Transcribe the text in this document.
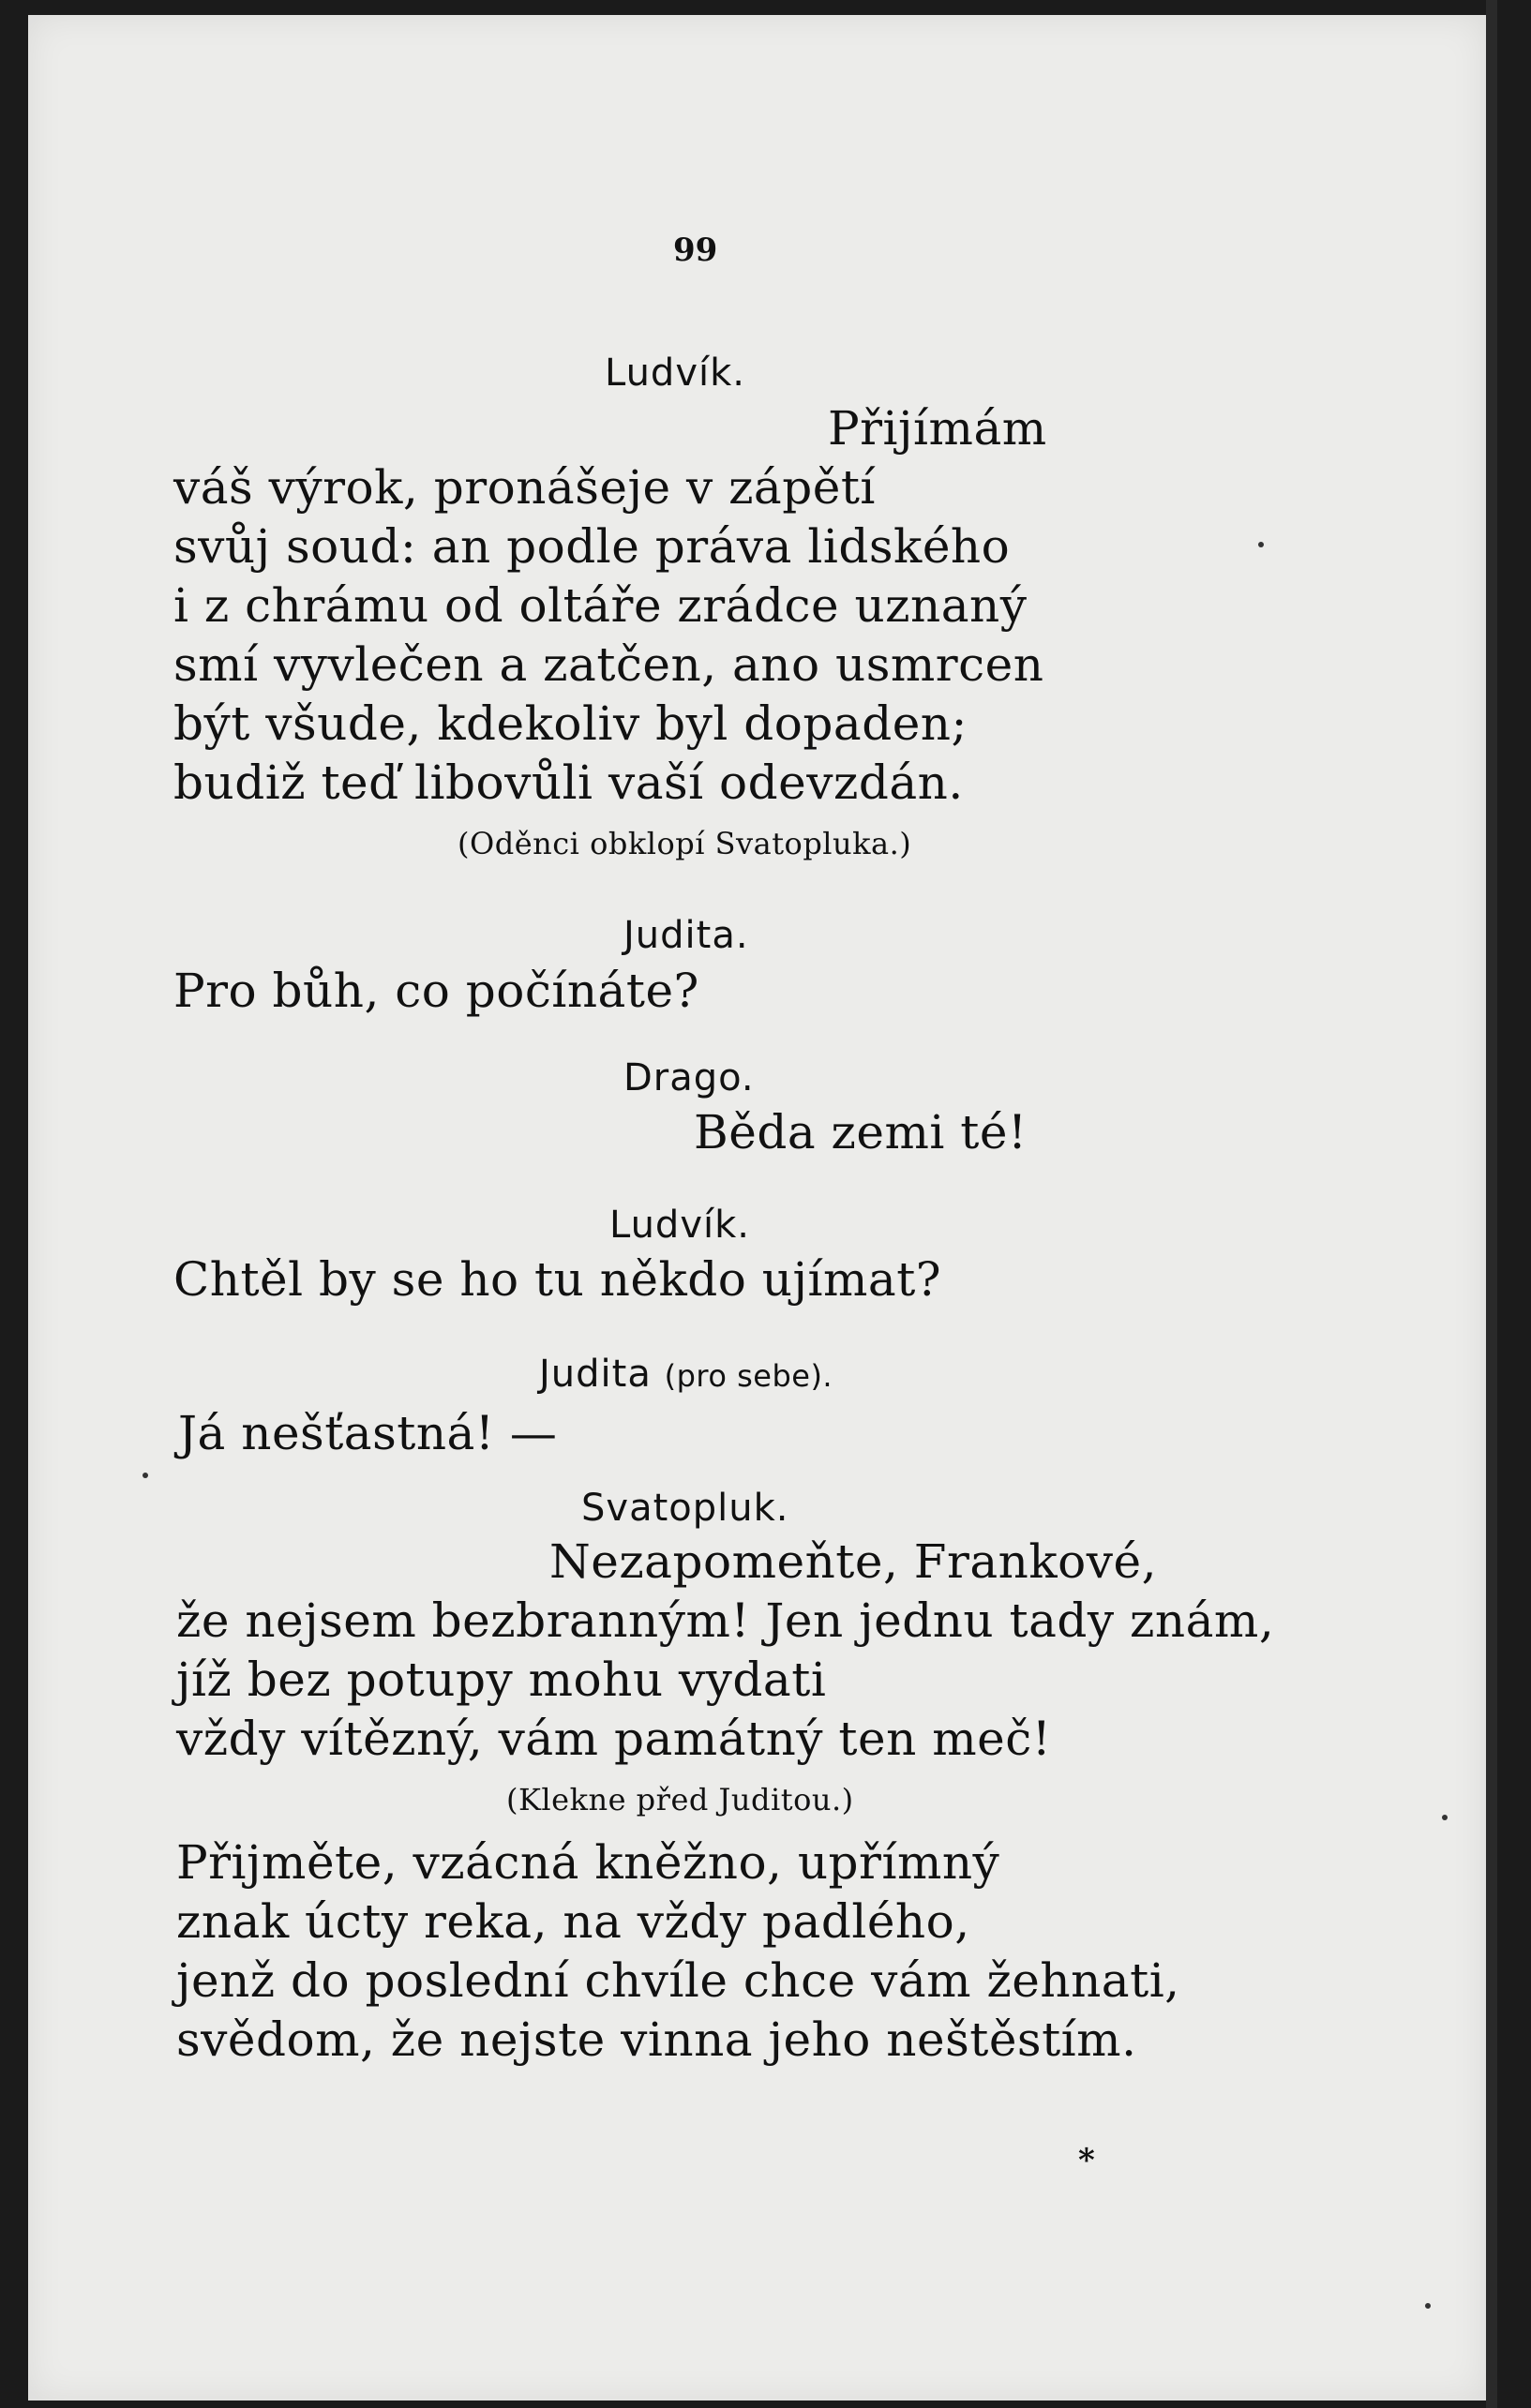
99
Ludvík.
Přijímám
váš výrok, pronášeje v zápětí
svůj soud: an podle práva lidského
i z chrámu od oltáře zrádce uznaný
smí vyvlečen a zatčen, ano usmrcen
být všude, kdekoliv byl dopaden;
budiž teď libovůli vaší odevzdán.
(Oděnci obklopí Svatopluka.)
Judita.
Pro bůh, co počínáte?
Drago.
Běda zemi té!
Ludvík.
Chtěl by se ho tu někdo ujímat?
Judita (pro sebe).
Já nešťastná! —
Svatopluk.
Nezapomeňte, Frankové,
že nejsem bezbranným! Jen jednu tady znám,
jíž bez potupy mohu vydati
vždy vítězný, vám památný ten meč!
(Klekne před Juditou.)
Přijměte, vzácná kněžno, upřímný
znak úcty reka, na vždy padlého,
jenž do poslední chvíle chce vám žehnati,
svědom, že nejste vinna jeho neštěstím.
*
